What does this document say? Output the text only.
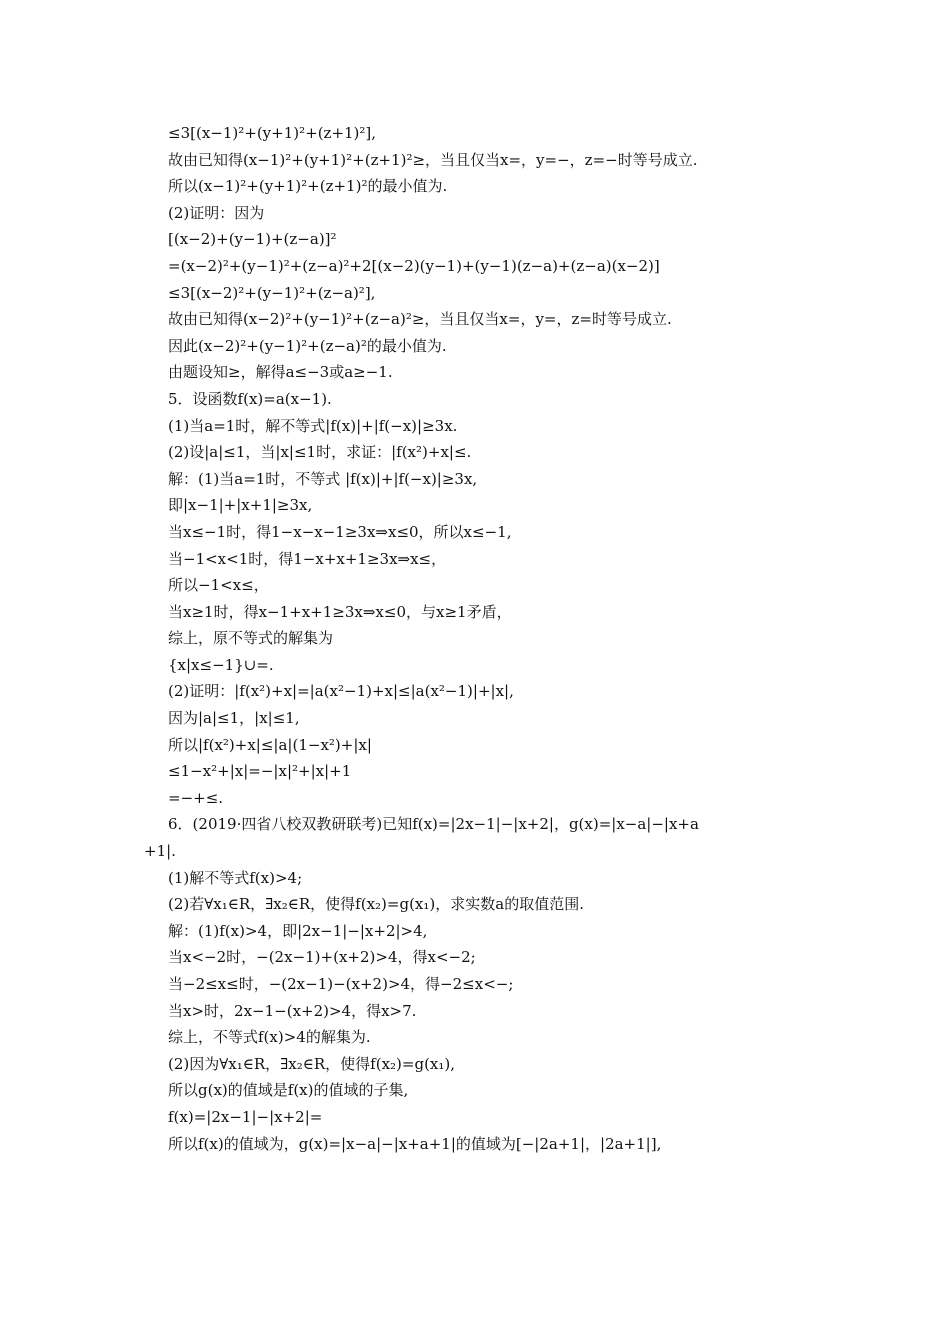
≤3[(x−1)²+(y+1)²+(z+1)²],
故由已知得(x−1)²+(y+1)²+(z+1)²≥，当且仅当x=，y=−，z=−时等号成立.
所以(x−1)²+(y+1)²+(z+1)²的最小值为.
(2)证明：因为
[(x−2)+(y−1)+(z−a)]²
=(x−2)²+(y−1)²+(z−a)²+2[(x−2)(y−1)+(y−1)(z−a)+(z−a)(x−2)]
≤3[(x−2)²+(y−1)²+(z−a)²],
故由已知得(x−2)²+(y−1)²+(z−a)²≥，当且仅当x=，y=，z=时等号成立.
因此(x−2)²+(y−1)²+(z−a)²的最小值为.
由题设知≥，解得a≤−3或a≥−1.
5．设函数f(x)=a(x−1).
(1)当a=1时，解不等式|f(x)|+|f(−x)|≥3x.
(2)设|a|≤1，当|x|≤1时，求证：|f(x²)+x|≤.
解：(1)当a=1时，不等式 |f(x)|+|f(−x)|≥3x,
即|x−1|+|x+1|≥3x,
当x≤−1时，得1−x−x−1≥3x⇒x≤0，所以x≤−1,
当−1<x<1时，得1−x+x+1≥3x⇒x≤，
所以−1<x≤，
当x≥1时，得x−1+x+1≥3x⇒x≤0，与x≥1矛盾，
综上，原不等式的解集为
{x|x≤−1}∪=.
(2)证明：|f(x²)+x|=|a(x²−1)+x|≤|a(x²−1)|+|x|,
因为|a|≤1，|x|≤1,
所以|f(x²)+x|≤|a|(1−x²)+|x|
≤1−x²+|x|=−|x|²+|x|+1
=−+≤.
6．(2019·四省八校双教研联考)已知f(x)=|2x−1|−|x+2|，g(x)=|x−a|−|x+a
+1|.
(1)解不等式f(x)>4;
(2)若∀x₁∈R，∃x₂∈R，使得f(x₂)=g(x₁)，求实数a的取值范围.
解：(1)f(x)>4，即|2x−1|−|x+2|>4,
当x<−2时，−(2x−1)+(x+2)>4，得x<−2;
当−2≤x≤时，−(2x−1)−(x+2)>4，得−2≤x<−;
当x>时，2x−1−(x+2)>4，得x>7.
综上，不等式f(x)>4的解集为.
(2)因为∀x₁∈R，∃x₂∈R，使得f(x₂)=g(x₁),
所以g(x)的值域是f(x)的值域的子集,
f(x)=|2x−1|−|x+2|=
所以f(x)的值域为，g(x)=|x−a|−|x+a+1|的值域为[−|2a+1|，|2a+1|],
